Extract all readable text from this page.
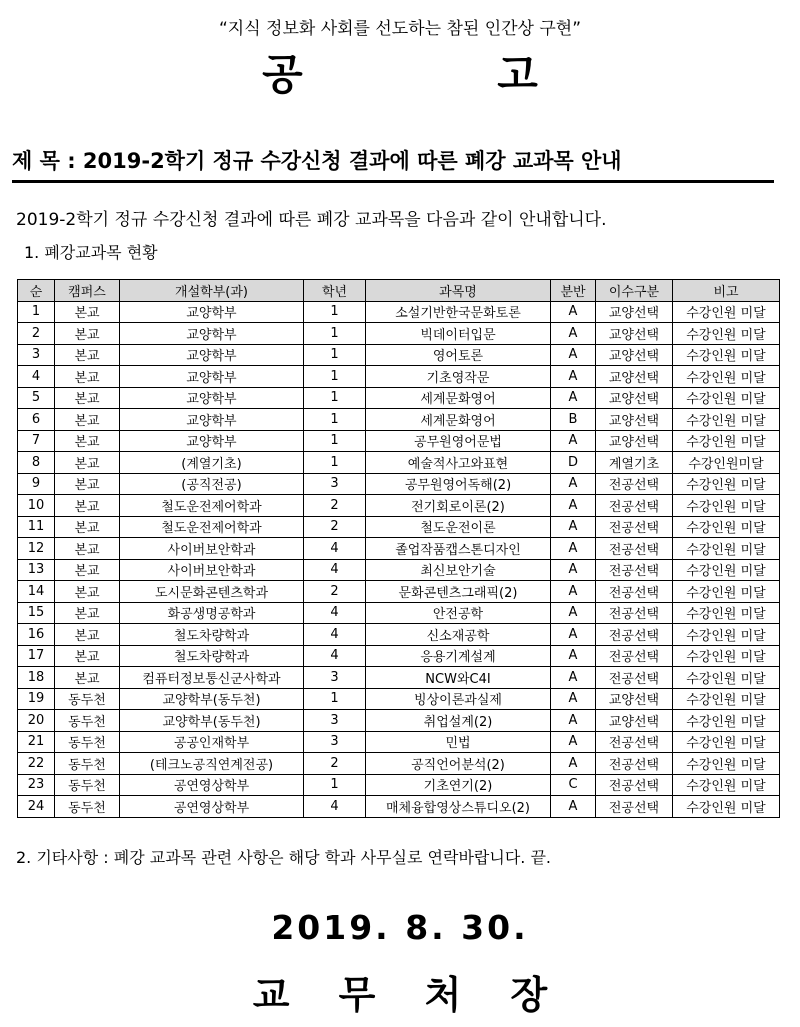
“지식 정보화 사회를 선도하는 참된 인간상 구현”
공 고
제 목 : 2019-2학기 정규 수강신청 결과에 따른 폐강 교과목 안내
2019-2학기 정규 수강신청 결과에 따른 폐강 교과목을 다음과 같이 안내합니다.
1. 폐강교과목 현황
순	캠퍼스	개설학부(과)	학년	과목명	분반	이수구분	비고
1	본교	교양학부	1	소설기반한국문화토론	A	교양선택	수강인원 미달
2	본교	교양학부	1	빅데이터입문	A	교양선택	수강인원 미달
3	본교	교양학부	1	영어토론	A	교양선택	수강인원 미달
4	본교	교양학부	1	기초영작문	A	교양선택	수강인원 미달
5	본교	교양학부	1	세계문화영어	A	교양선택	수강인원 미달
6	본교	교양학부	1	세계문화영어	B	교양선택	수강인원 미달
7	본교	교양학부	1	공무원영어문법	A	교양선택	수강인원 미달
8	본교	(계열기초)	1	예술적사고와표현	D	계열기초	수강인원미달
9	본교	(공직전공)	3	공무원영어독해(2)	A	전공선택	수강인원 미달
10	본교	철도운전제어학과	2	전기회로이론(2)	A	전공선택	수강인원 미달
11	본교	철도운전제어학과	2	철도운전이론	A	전공선택	수강인원 미달
12	본교	사이버보안학과	4	졸업작품캡스톤디자인	A	전공선택	수강인원 미달
13	본교	사이버보안학과	4	최신보안기술	A	전공선택	수강인원 미달
14	본교	도시문화콘텐츠학과	2	문화콘텐츠그래픽(2)	A	전공선택	수강인원 미달
15	본교	화공생명공학과	4	안전공학	A	전공선택	수강인원 미달
16	본교	철도차량학과	4	신소재공학	A	전공선택	수강인원 미달
17	본교	철도차량학과	4	응용기계설계	A	전공선택	수강인원 미달
18	본교	컴퓨터정보통신군사학과	3	NCW와C4I	A	전공선택	수강인원 미달
19	동두천	교양학부(동두천)	1	빙상이론과실제	A	교양선택	수강인원 미달
20	동두천	교양학부(동두천)	3	취업설계(2)	A	교양선택	수강인원 미달
21	동두천	공공인재학부	3	민법	A	전공선택	수강인원 미달
22	동두천	(테크노공직연계전공)	2	공직언어분석(2)	A	전공선택	수강인원 미달
23	동두천	공연영상학부	1	기초연기(2)	C	전공선택	수강인원 미달
24	동두천	공연영상학부	4	매체융합영상스튜디오(2)	A	전공선택	수강인원 미달
2. 기타사항 : 폐강 교과목 관련 사항은 해당 학과 사무실로 연락바랍니다. 끝.
2019. 8. 30.
교 무 처 장
